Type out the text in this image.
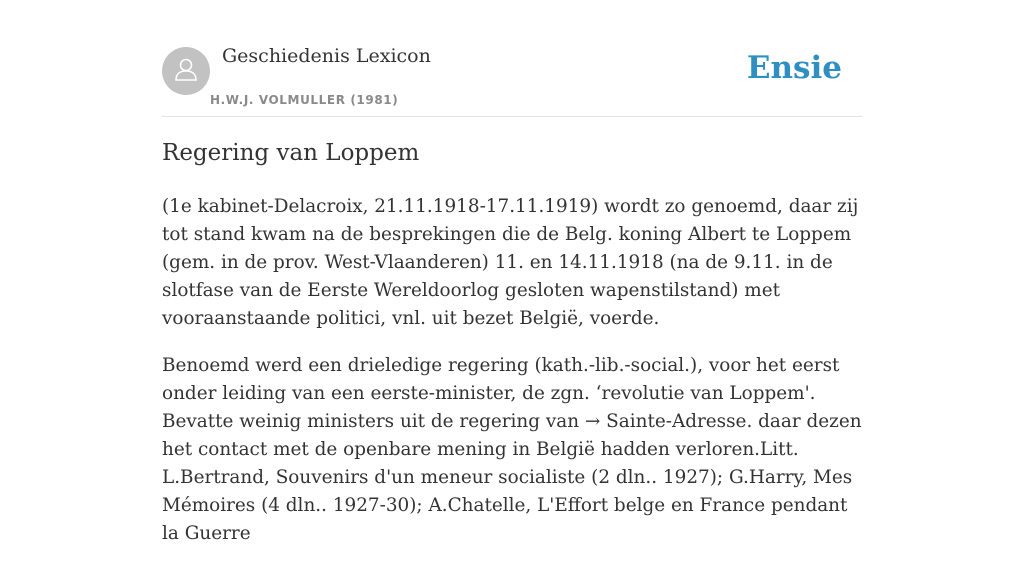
Geschiedenis Lexicon
H.W.J. VOLMULLER (1981)
Ensie
Regering van Loppem

(1e kabinet-Delacroix, 21.11.1918-17.11.1919) wordt zo genoemd, daar zij tot stand kwam na de besprekingen die de Belg. koning Albert te Loppem (gem. in de prov. West-Vlaanderen) 11. en 14.11.1918 (na de 9.11. in de slotfase van de Eerste Wereldoorlog gesloten wapenstilstand) met vooraanstaande politici, vnl. uit bezet België, voerde.

Benoemd werd een drieledige regering (kath.-lib.-social.), voor het eerst onder leiding van een eerste-minister, de zgn. ‘revolutie van Loppem'. Bevatte weinig ministers uit de regering van → Sainte-Adresse. daar dezen het contact met de openbare mening in België hadden verloren.Litt. L.Bertrand, Souvenirs d'un meneur socialiste (2 dln.. 1927); G.Harry, Mes Mémoires (4 dln.. 1927-30); A.Chatelle, L'Effort belge en France pendant la Guerre
